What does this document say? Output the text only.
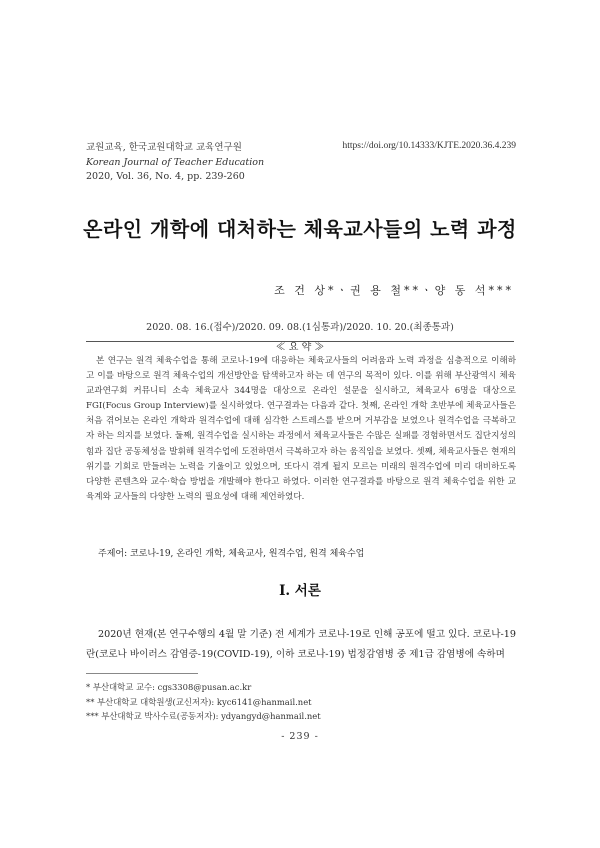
교원교육, 한국교원대학교 교육연구원
Korean Journal of Teacher Education
2020, Vol. 36, No. 4, pp. 239-260
https://doi.org/10.14333/KJTE.2020.36.4.239
온라인 개학에 대처하는 체육교사들의 노력 과정
조 건 상*ㆍ권 용 철**ㆍ양 동 석***
2020. 08. 16.(접수)/2020. 09. 08.(1심통과)/2020. 10. 20.(최종통과)
≪ 요 약 ≫

본 연구는 원격 체육수업을 통해 코로나-19에 대응하는 체육교사들의 어려움과 노력 과정을 심층적으로 이해하고 이를 바탕으로 원격 체육수업의 개선방안을 탐색하고자 하는 데 연구의 목적이 있다. 이를 위해 부산광역시 체육교과연구회 커뮤니티 소속 체육교사 344명을 대상으로 온라인 설문을 실시하고, 체육교사 6명을 대상으로 FGI(Focus Group Interview)를 실시하였다. 연구결과는 다음과 같다. 첫째, 온라인 개학 초반부에 체육교사들은 처음 겪어보는 온라인 개학과 원격수업에 대해 심각한 스트레스를 받으며 거부감을 보였으나 원격수업을 극복하고자 하는 의지를 보였다. 둘째, 원격수업을 실시하는 과정에서 체육교사들은 수많은 실패를 경험하면서도 집단지성의 힘과 집단 공동체성을 발휘해 원격수업에 도전하면서 극복하고자 하는 움직임을 보였다. 셋째, 체육교사들은 현재의 위기를 기회로 만들려는 노력을 기울이고 있었으며, 또다시 겪게 될지 모르는 미래의 원격수업에 미리 대비하도록 다양한 콘텐츠와 교수·학습 방법을 개발해야 한다고 하였다. 이러한 연구결과를 바탕으로 원격 체육수업을 위한 교육계와 교사들의 다양한 노력의 필요성에 대해 제언하였다.

주제어: 코로나-19, 온라인 개학, 체육교사, 원격수업, 원격 체육수업
Ⅰ. 서론

2020년 현재(본 연구수행의 4월 말 기준) 전 세계가 코로나-19로 인해 공포에 떨고 있다. 코로나-19 란(코로나 바이러스 감염증-19(COVID-19), 이하 코로나-19) 법정감염병 중 제1급 감염병에 속하며

* 부산대학교 교수: cgs3308@pusan.ac.kr
** 부산대학교 대학원생(교신저자): kyc6141@hanmail.net
*** 부산대학교 박사수료(공동저자): ydyangyd@hanmail.net
- 239 -
